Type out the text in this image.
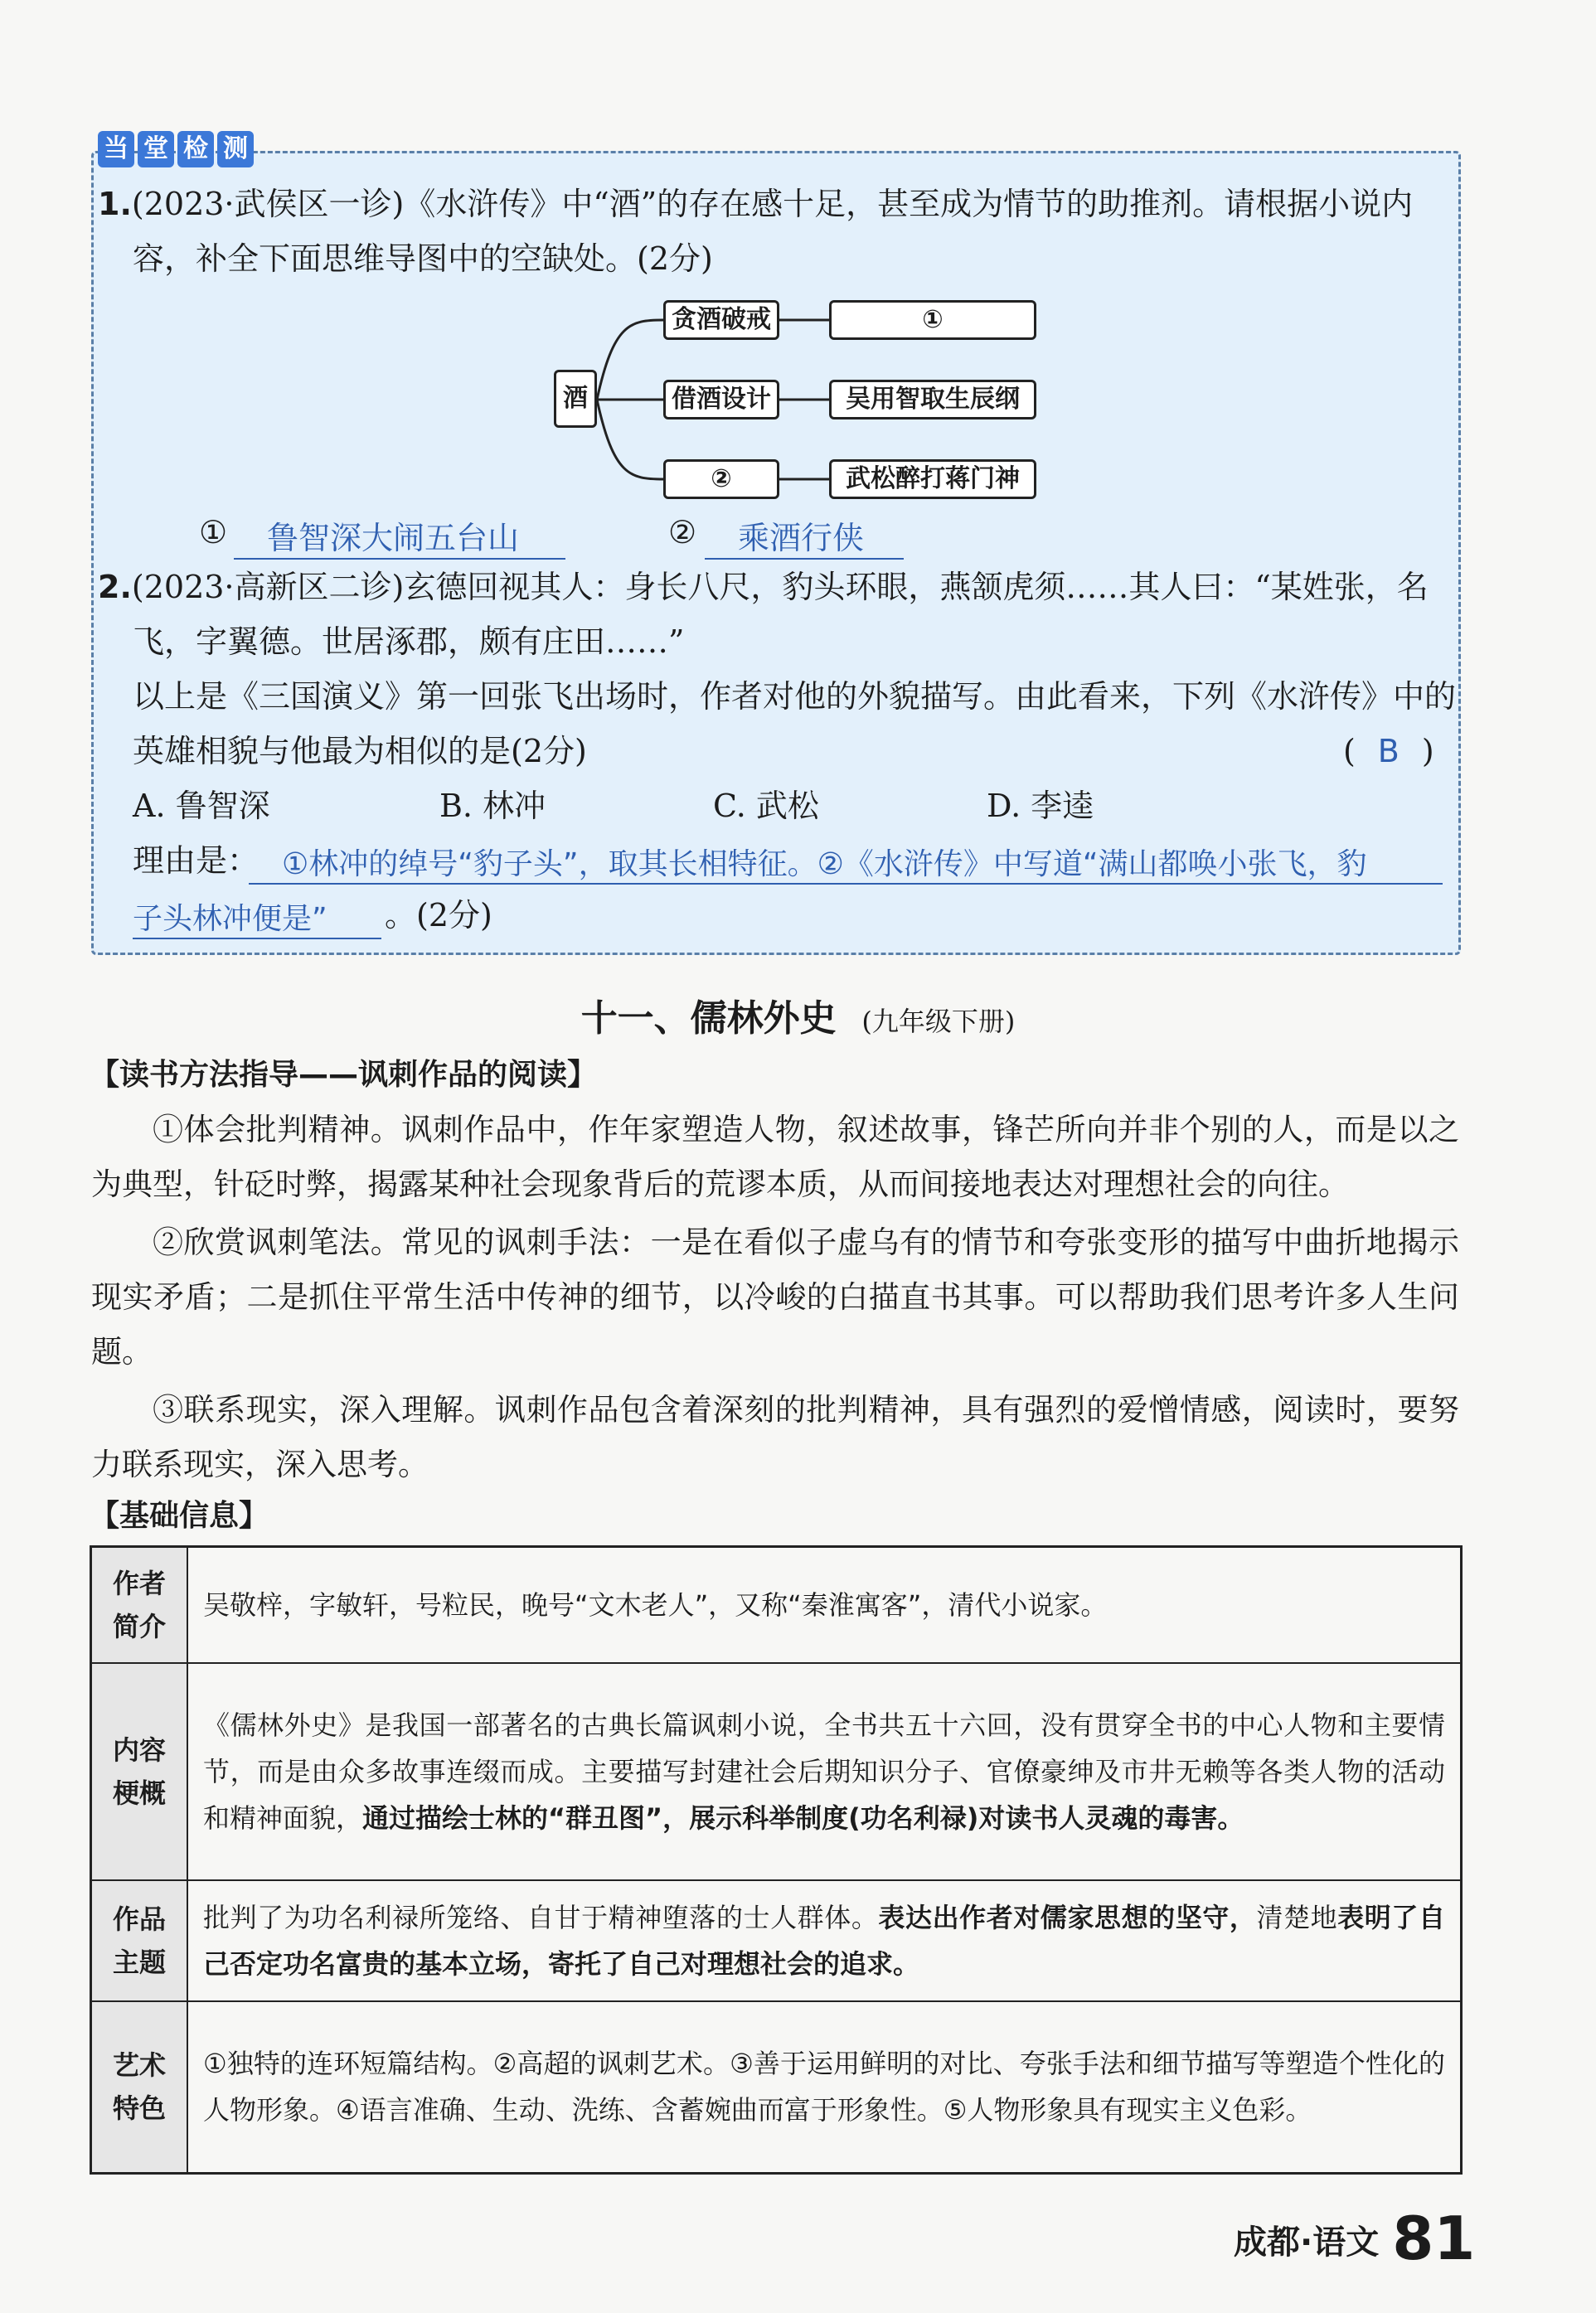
当 堂 检 测
1.(2023·武侯区一诊)《水浒传》中“酒”的存在感十足，甚至成为情节的助推剂。请根据小说内
容，补全下面思维导图中的空缺处。(2分)
酒
贪酒破戒
借酒设计
②
①
吴用智取生辰纲
武松醉打蒋门神
①	鲁智深大闹五台山	②	乘酒行侠
2.(2023·高新区二诊)玄德回视其人：身长八尺，豹头环眼，燕颔虎须……其人曰：“某姓张，名
飞，字翼德。世居涿郡，颇有庄田……”
以上是《三国演义》第一回张飞出场时，作者对他的外貌描写。由此看来，下列《水浒传》中的
英雄相貌与他最为相似的是(2分)	( B )
A. 鲁智深	B. 林冲	C. 武松	D. 李逵
理由是： ①林冲的绰号“豹子头”，取其长相特征。②《水浒传》中写道“满山都唤小张飞，豹
子头林冲便是”	。(2分)
十一、儒林外史 (九年级下册)
【读书方法指导——讽刺作品的阅读】
①体会批判精神。讽刺作品中，作年家塑造人物，叙述故事，锋芒所向并非个别的人，而是以之为典型，针砭时弊，揭露某种社会现象背后的荒谬本质，从而间接地表达对理想社会的向往。
②欣赏讽刺笔法。常见的讽刺手法：一是在看似子虚乌有的情节和夸张变形的描写中曲折地揭示现实矛盾；二是抓住平常生活中传神的细节，以冷峻的白描直书其事。可以帮助我们思考许多人生问题。
③联系现实，深入理解。讽刺作品包含着深刻的批判精神，具有强烈的爱憎情感，阅读时，要努力联系现实，深入思考。
【基础信息】
作者
简介	吴敬梓，字敏轩，号粒民，晚号“文木老人”，又称“秦淮寓客”，清代小说家。
内容
梗概	《儒林外史》是我国一部著名的古典长篇讽刺小说，全书共五十六回，没有贯穿全书的中心人物和主要情节，而是由众多故事连缀而成。主要描写封建社会后期知识分子、官僚豪绅及市井无赖等各类人物的活动和精神面貌，通过描绘士林的“群丑图”，展示科举制度(功名利禄)对读书人灵魂的毒害。
作品
主题	批判了为功名利禄所笼络、自甘于精神堕落的士人群体。表达出作者对儒家思想的坚守，清楚地表明了自己否定功名富贵的基本立场，寄托了自己对理想社会的追求。
艺术
特色	①独特的连环短篇结构。②高超的讽刺艺术。③善于运用鲜明的对比、夸张手法和细节描写等塑造个性化的人物形象。④语言准确、生动、洗练、含蓄婉曲而富于形象性。⑤人物形象具有现实主义色彩。
成都·语文 81
